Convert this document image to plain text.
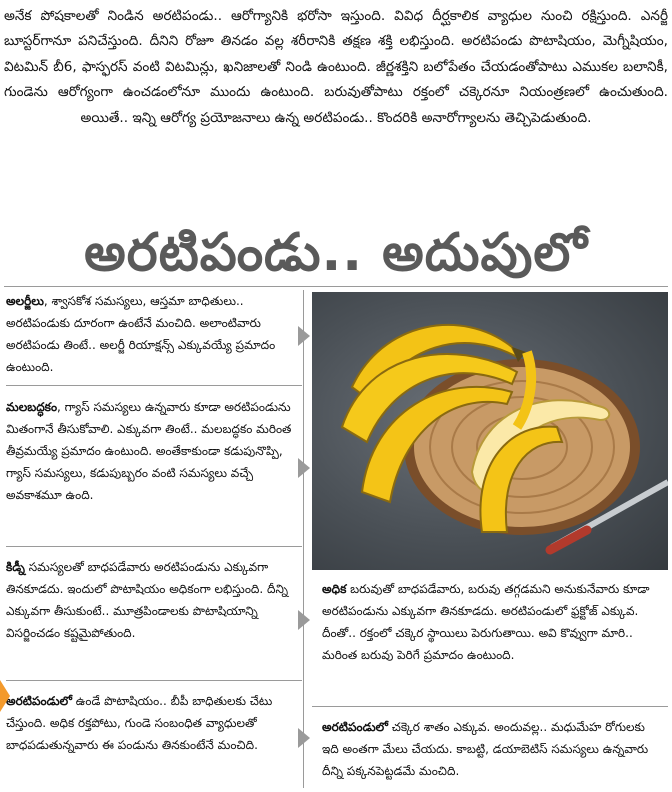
అనేక పోషకాలతో నిండిన అరటిపండు.. ఆరోగ్యానికి భరోసా ఇస్తుంది. వివిధ దీర్ఘకాలిక వ్యాధుల నుంచి రక్షిస్తుంది. ఎనర్జీ బూస్టర్‌గానూ పనిచేస్తుంది. దీనిని రోజూ తినడం వల్ల శరీరానికి తక్షణ శక్తి లభిస్తుంది. అరటిపండు పొటాషియం, మెగ్నీషియం, విటమిన్ బీ6, ఫాస్ఫరస్ వంటి విటమిన్లు, ఖనిజాలతో నిండి ఉంటుంది. జీర్ణశక్తిని బలోపేతం చేయడంతోపాటు ఎముకల బలానికీ, గుండెను ఆరోగ్యంగా ఉంచడంలోనూ ముందు ఉంటుంది. బరువుతోపాటు రక్తంలో చక్కెరనూ నియంత్రణలో ఉంచుతుంది. అయితే.. ఇన్ని ఆరోగ్య ప్రయోజనాలు ఉన్న అరటిపండు.. కొందరికి అనారోగ్యాలను తెచ్చిపెడుతుంది.
అరటిపండు.. అదుపులో
అలర్జీలు, శ్వాసకోశ సమస్యలు, ఆస్తమా బాధితులు.. అరటిపండుకు దూరంగా ఉంటేనే మంచిది. అలాంటివారు అరటిపండు తింటే.. అలర్జీ రియాక్షన్స్ ఎక్కువయ్యే ప్రమాదం ఉంటుంది.
మలబద్ధకం, గ్యాస్ సమస్యలు ఉన్నవారు కూడా అరటిపండును మితంగానే తీసుకోవాలి. ఎక్కువగా తింటే.. మలబద్ధకం మరింత తీవ్రమయ్యే ప్రమాదం ఉంటుంది. అంతేకాకుండా కడుపునొప్పి, గ్యాస్ సమస్యలు, కడుపుబ్బరం వంటి సమస్యలు వచ్చే అవకాశమూ ఉంది.
కిడ్నీ సమస్యలతో బాధపడేవారు అరటిపండును ఎక్కువగా తినకూడదు. ఇందులో పొటాషియం అధికంగా లభిస్తుంది. దీన్ని ఎక్కువగా తీసుకుంటే.. మూత్రపిండాలకు పొటాషియాన్ని విసర్జించడం కష్టమైపోతుంది.
అరటిపండులో ఉండే పొటాషియం.. బీపీ బాధితులకు చేటు చేస్తుంది. అధిక రక్తపోటు, గుండె సంబంధిత వ్యాధులతో బాధపడుతున్నవారు ఈ పండును తినకుంటేనే మంచిది.
అధిక బరువుతో బాధపడేవారు, బరువు తగ్గడమని అనుకునేవారు కూడా అరటిపండును ఎక్కువగా తినకూడదు. అరటిపండులో ఫ్రక్టోజ్ ఎక్కువ. దీంతో.. రక్తంలో చక్కెర స్థాయిలు పెరుగుతాయి. అవి కొవ్వుగా మారి.. మరింత బరువు పెరిగే ప్రమాదం ఉంటుంది.
అరటిపండులో చక్కెర శాతం ఎక్కువ. అందువల్ల.. మధుమేహ రోగులకు ఇది అంతగా మేలు చేయదు. కాబట్టి, డయాబెటిస్ సమస్యలు ఉన్నవారు దీన్ని పక్కనపెట్టడమే మంచిది.
